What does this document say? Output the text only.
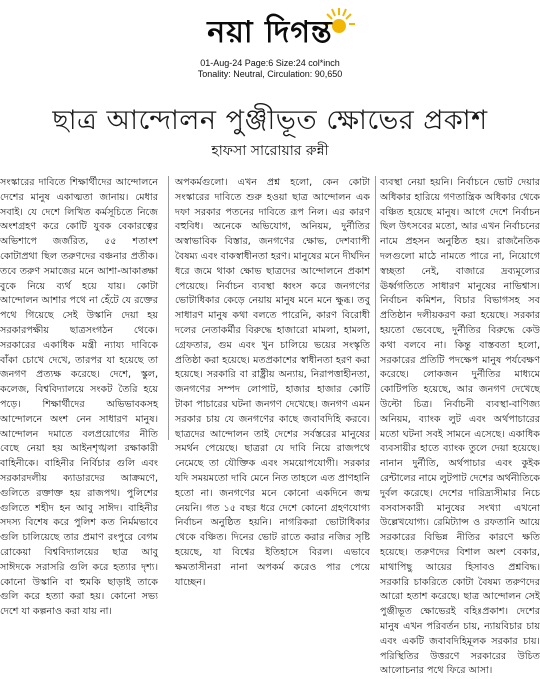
নয়া দিগন্ত
01-Aug-24 Page:6 Size:24 col*inch
Tonality: Neutral, Circulation: 90,650
ছাত্র আন্দোলন পুঞ্জীভূত ক্ষোভের প্রকাশ
হাফসা সারোয়ার রুন্নী

সংস্কারের দাবিতে শিক্ষার্থীদের আন্দোলনে দেশের মানুষ একাত্মতা জানায়। মেধার সবাই। যে দেশে লিখিত কর্মসূচিতে নিজে অংশগ্রহণ করে কোটি যুবক বেকারত্বের অভিশাপে জর্জরিত, ৫৫ শতাংশ কোটাপ্রথা ছিল তরুণদের বঞ্চনার প্রতীক। তবে তরুণ সমাজের মনে আশা-আকাঙ্ক্ষা বুকে নিয়ে ব্যর্থ হয়ে যায়। কোটা আন্দোলন আশার পথে না হেঁটে যে রক্তের পথে গিয়েছে সেই উস্কানি দেয়া হয় সরকারপক্ষীয় ছাত্রসংগঠন থেকে। সরকারের একাধিক মন্ত্রী ন্যায্য দাবিকে বাঁকা চোখে দেখে, তারপর যা হয়েছে তা জনগণ প্রত্যক্ষ করেছে। দেশে, স্কুল, কলেজ, বিশ্ববিদ্যালয়ে সংকট তৈরি হয়ে পড়ে। শিক্ষার্থীদের অভিভাবকসহ আন্দোলনে অংশ নেন সাধারণ মানুষ। আন্দোলন দমাতে বলপ্রয়োগের নীতি বেছে নেয়া হয় আইনশৃঙ্খলা রক্ষাকারী বাহিনীকে। বাহিনীর নির্বিচার গুলি এবং সরকারদলীয় ক্যাডারদের আক্রমণে, গুলিতে রক্তাক্ত হয় রাজপথ। পুলিশের গুলিতে শহীদ হন আবু সাঈদ। বাহিনীর সদস্য বিশেষ করে পুলিশ কত নির্মমভাবে গুলি চালিয়েছে তার প্রমাণ রংপুরে বেগম রোকেয়া বিশ্ববিদ্যালয়ের ছাত্র আবু সাঈদকে সরাসরি গুলি করে হত্যার দৃশ্য। কোনো উস্কানি বা হুমকি ছাড়াই তাকে গুলি করে হত্যা করা হয়। কোনো সভ্য দেশে যা কল্পনাও করা যায় না।

অপকর্মগুলো। এখন প্রশ্ন হলো, কেন কোটা সংস্কারের দাবিতে শুরু হওয়া ছাত্র আন্দোলন এক দফা সরকার পতনের দাবিতে রূপ নিল। এর কারণ বহুবিধ। অনেকে অভিযোগ, অনিয়ম, দুর্নীতির অস্বাভাবিক বিস্তার, জনগণের ক্ষোভ, দেশব্যাপী বৈষম্য এবং বাকস্বাধীনতা হরণ। মানুষের মনে দীর্ঘদিন ধরে জমে থাকা ক্ষোভ ছাত্রদের আন্দোলনে প্রকাশ পেয়েছে। নির্বাচন ব্যবস্থা ধ্বংস করে জনগণের ভোটাধিকার কেড়ে নেয়ায় মানুষ মনে মনে ক্ষুব্ধ। তবু সাধারণ মানুষ কথা বলতে পারেনি, কারণ বিরোধী দলের নেতাকর্মীর বিরুদ্ধে হাজারো মামলা, হামলা, গ্রেফতার, গুম এবং খুন চালিয়ে ভয়ের সংস্কৃতি প্রতিষ্ঠা করা হয়েছে। মতপ্রকাশের স্বাধীনতা হরণ করা হয়েছে। সরকারি বা রাষ্ট্রীয় অন্যায়, নিরাপত্তাহীনতা, জনগণের সম্পদ লোপাট, হাজার হাজার কোটি টাকা পাচারের ঘটনা জনগণ দেখেছে। জনগণ এমন সরকার চায় যে জনগণের কাছে জবাবদিহি করবে। ছাত্রদের আন্দোলন তাই দেশের সর্বস্তরের মানুষের সমর্থন পেয়েছে। ছাত্ররা যে দাবি নিয়ে রাজপথে নেমেছে তা যৌক্তিক এবং সময়োপযোগী। সরকার যদি সময়মতো দাবি মেনে নিত তাহলে এত প্রাণহানি হতো না। জনগণের মনে কোনো একদিনে জন্ম নেয়নি। গত ১৫ বছর ধরে দেশে কোনো গ্রহণযোগ্য নির্বাচন অনুষ্ঠিত হয়নি। নাগরিকরা ভোটাধিকার থেকে বঞ্চিত। দিনের ভোট রাতে করার নজির সৃষ্টি হয়েছে, যা বিশ্বের ইতিহাসে বিরল। এভাবে ক্ষমতাসীনরা নানা অপকর্ম করেও পার পেয়ে যাচ্ছেন।

ব্যবস্থা নেয়া হয়নি। নির্বাচনে ভোট দেয়ার অধিকার হারিয়ে গণতান্ত্রিক অধিকার থেকে বঞ্চিত হয়েছে মানুষ। আগে দেশে নির্বাচন ছিল উৎসবের মতো, আর এখন নির্বাচনের নামে প্রহসন অনুষ্ঠিত হয়। রাজনৈতিক দলগুলো মাঠে নামতে পারে না, নিয়োগে স্বচ্ছতা নেই, বাজারে দ্রব্যমূল্যের ঊর্ধ্বগতিতে সাধারণ মানুষের নাভিশ্বাস। নির্বাচন কমিশন, বিচার বিভাগসহ সব প্রতিষ্ঠান দলীয়করণ করা হয়েছে। সরকার হয়তো ভেবেছে, দুর্নীতির বিরুদ্ধে কেউ কথা বলবে না। কিন্তু বাস্তবতা হলো, সরকারের প্রতিটি পদক্ষেপ মানুষ পর্যবেক্ষণ করেছে। লোকজন দুর্নীতির মাধ্যমে কোটিপতি হয়েছে, আর জনগণ দেখেছে উল্টো চিত্র। নির্বাচনী ব্যবস্থা-বাণিজ্য অনিয়ম, ব্যাংক লুট এবং অর্থপাচারের মতো ঘটনা সবই সামনে এসেছে। একাধিক ব্যবসায়ীর হাতে ব্যাংক তুলে দেয়া হয়েছে। নানান দুর্নীতি, অর্থপাচার এবং কুইক রেন্টালের নামে লুটপাট দেশের অর্থনীতিকে দুর্বল করেছে। দেশের দারিদ্র্যসীমার নিচে বসবাসকারী মানুষের সংখ্যা এখনো উল্লেখযোগ্য। রেমিট্যান্স ও রফতানি আয়ে সরকারের বিভিন্ন নীতির কারণে ক্ষতি হয়েছে। তরুণদের বিশাল অংশ বেকার, মাথাপিছু আয়ের হিসাবও প্রশ্নবিদ্ধ। সরকারি চাকরিতে কোটা বৈষম্য তরুণদের আরো হতাশ করেছে। ছাত্র আন্দোলন সেই পুঞ্জীভূত ক্ষোভেরই বহিঃপ্রকাশ। দেশের মানুষ এখন পরিবর্তন চায়, ন্যায়বিচার চায় এবং একটি জবাবদিহিমূলক সরকার চায়। পরিস্থিতির উত্তরণে সরকারের উচিত আলোচনার পথে ফিরে আসা।
